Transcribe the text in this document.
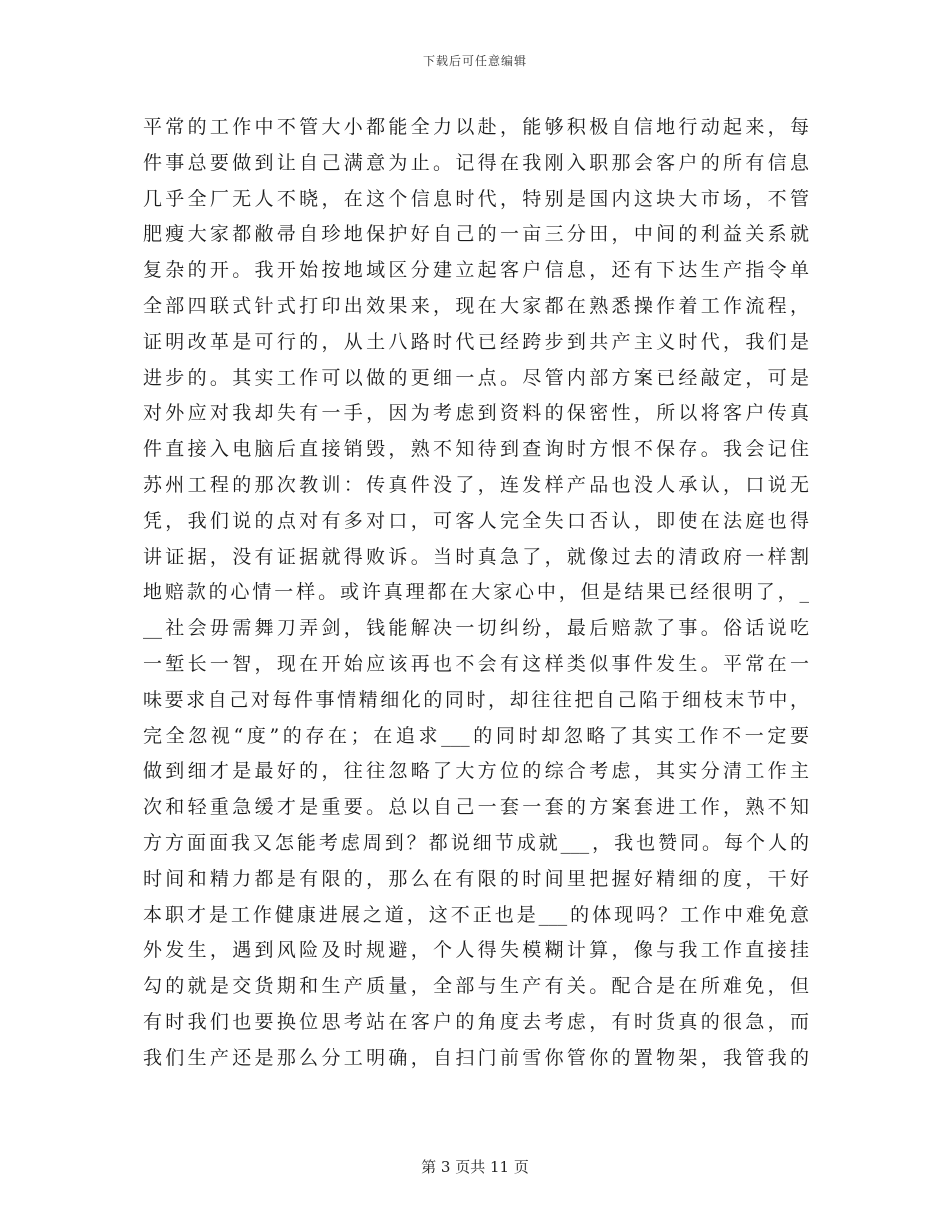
下载后可任意编辑
平常的工作中不管大小都能全力以赴，能够积极自信地行动起来，每
件事总要做到让自己满意为止。记得在我刚入职那会客户的所有信息
几乎全厂无人不晓，在这个信息时代，特别是国内这块大市场，不管
肥瘦大家都敝帚自珍地保护好自己的一亩三分田，中间的利益关系就
复杂的开。我开始按地域区分建立起客户信息，还有下达生产指令单
全部四联式针式打印出效果来，现在大家都在熟悉操作着工作流程，
证明改革是可行的，从土八路时代已经跨步到共产主义时代，我们是
进步的。其实工作可以做的更细一点。尽管内部方案已经敲定，可是
对外应对我却失有一手，因为考虑到资料的保密性，所以将客户传真
件直接入电脑后直接销毁，熟不知待到查询时方恨不保存。我会记住
苏州工程的那次教训：传真件没了，连发样产品也没人承认，口说无
凭，我们说的点对有多对口，可客人完全失口否认，即使在法庭也得
讲证据，没有证据就得败诉。当时真急了，就像过去的清政府一样割
地赔款的心情一样。或许真理都在大家心中，但是结果已经很明了，_
__社会毋需舞刀弄剑，钱能解决一切纠纷，最后赔款了事。俗话说吃
一堑长一智，现在开始应该再也不会有这样类似事件发生。平常在一
味要求自己对每件事情精细化的同时，却往往把自己陷于细枝末节中，
完全忽视“度”的存在；在追求___的同时却忽略了其实工作不一定要
做到细才是最好的，往往忽略了大方位的综合考虑，其实分清工作主
次和轻重急缓才是重要。总以自己一套一套的方案套进工作，熟不知
方方面面我又怎能考虑周到？都说细节成就___，我也赞同。每个人的
时间和精力都是有限的，那么在有限的时间里把握好精细的度，干好
本职才是工作健康进展之道，这不正也是___的体现吗？工作中难免意
外发生，遇到风险及时规避，个人得失模糊计算，像与我工作直接挂
勾的就是交货期和生产质量，全部与生产有关。配合是在所难免，但
有时我们也要换位思考站在客户的角度去考虑，有时货真的很急，而
我们生产还是那么分工明确，自扫门前雪你管你的置物架，我管我的
第 3 页共 11 页
